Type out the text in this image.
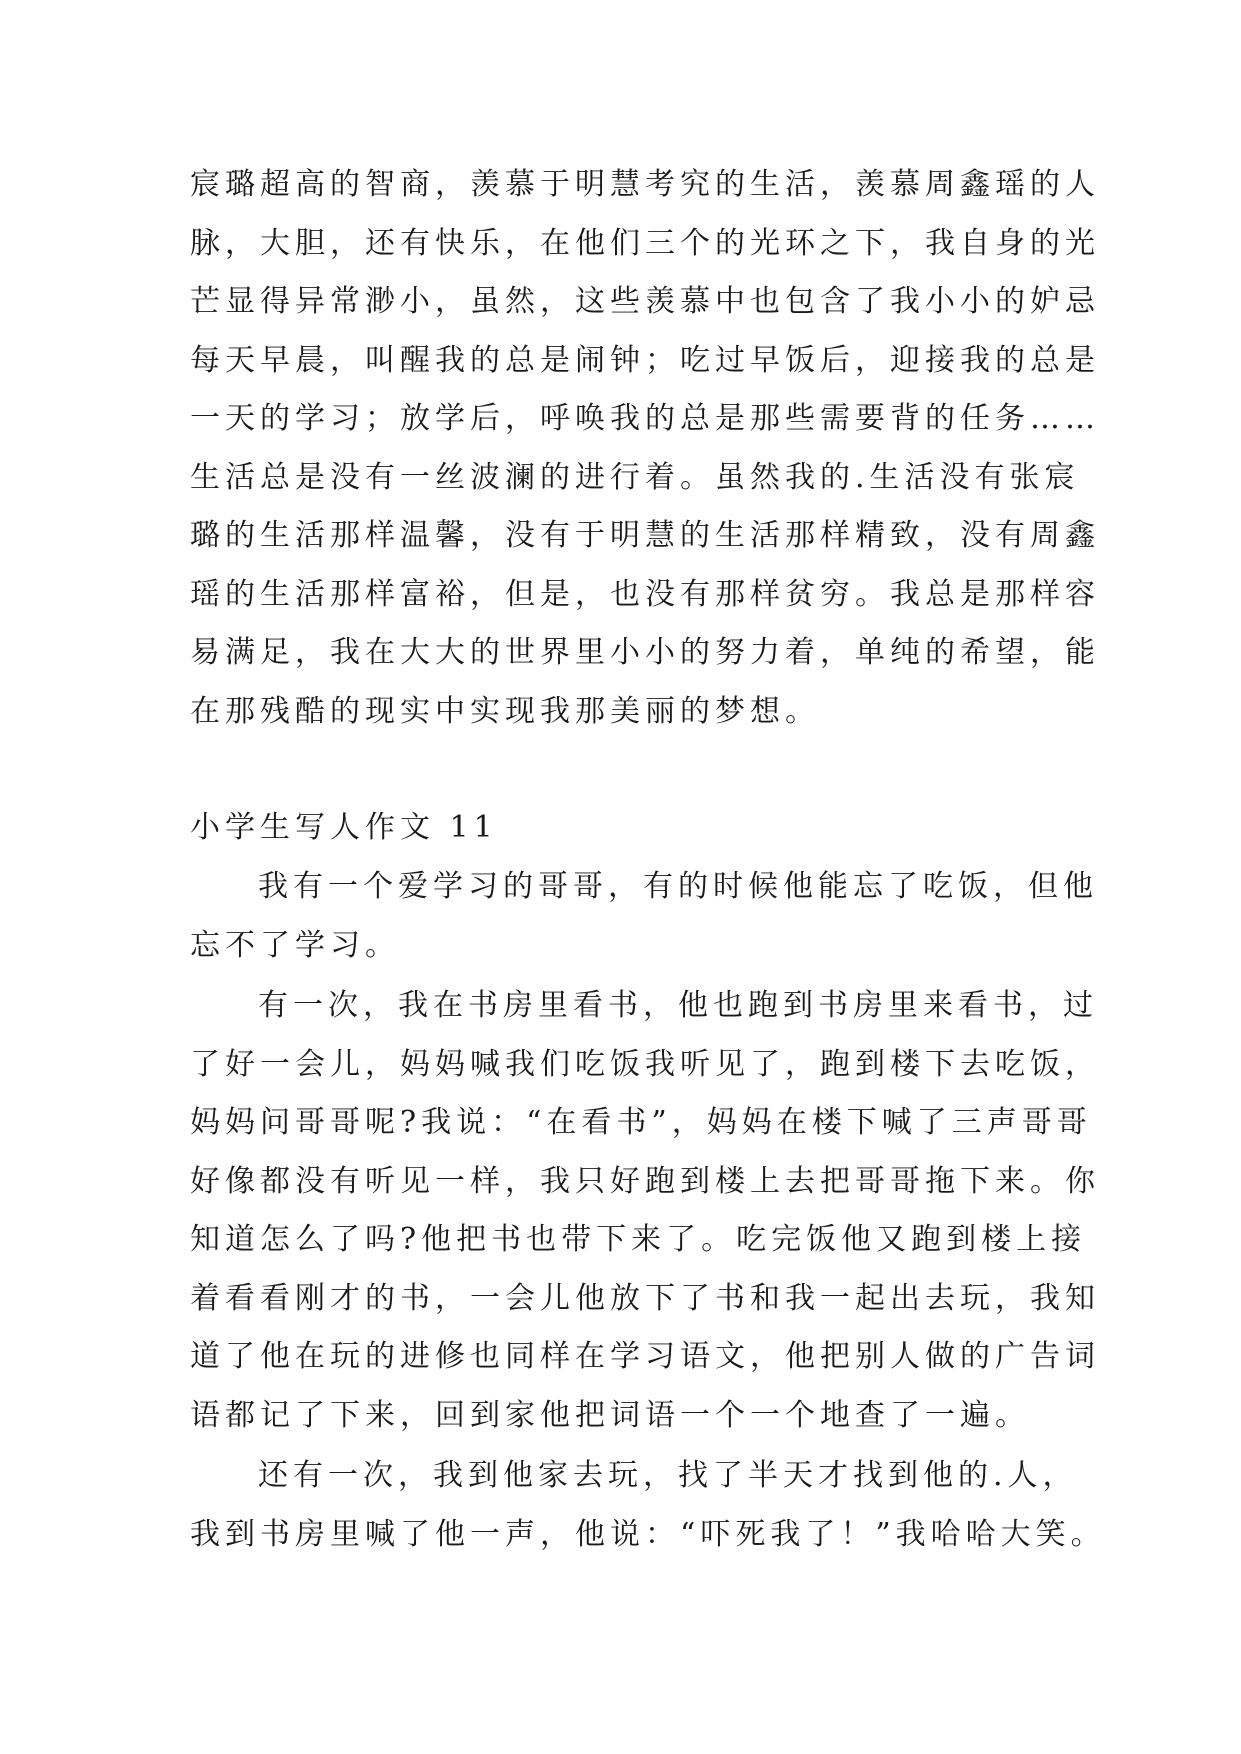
宸璐超高的智商，羡慕于明慧考究的生活，羡慕周鑫瑶的人
脉，大胆，还有快乐，在他们三个的光环之下，我自身的光
芒显得异常渺小，虽然，这些羡慕中也包含了我小小的妒忌
每天早晨，叫醒我的总是闹钟；吃过早饭后，迎接我的总是
一天的学习；放学后，呼唤我的总是那些需要背的任务……
生活总是没有一丝波澜的进行着。虽然我的.生活没有张宸
璐的生活那样温馨，没有于明慧的生活那样精致，没有周鑫
瑶的生活那样富裕，但是，也没有那样贫穷。我总是那样容
易满足，我在大大的世界里小小的努力着，单纯的希望，能
在那残酷的现实中实现我那美丽的梦想。
小学生写人作文 11
我有一个爱学习的哥哥，有的时候他能忘了吃饭，但他
忘不了学习。
有一次，我在书房里看书，他也跑到书房里来看书，过
了好一会儿，妈妈喊我们吃饭我听见了，跑到楼下去吃饭，
妈妈问哥哥呢?我说：“在看书”，妈妈在楼下喊了三声哥哥
好像都没有听见一样，我只好跑到楼上去把哥哥拖下来。你
知道怎么了吗?他把书也带下来了。吃完饭他又跑到楼上接
着看看刚才的书，一会儿他放下了书和我一起出去玩，我知
道了他在玩的进修也同样在学习语文，他把别人做的广告词
语都记了下来，回到家他把词语一个一个地查了一遍。
还有一次，我到他家去玩，找了半天才找到他的.人，
我到书房里喊了他一声，他说：“吓死我了！”我哈哈大笑。
